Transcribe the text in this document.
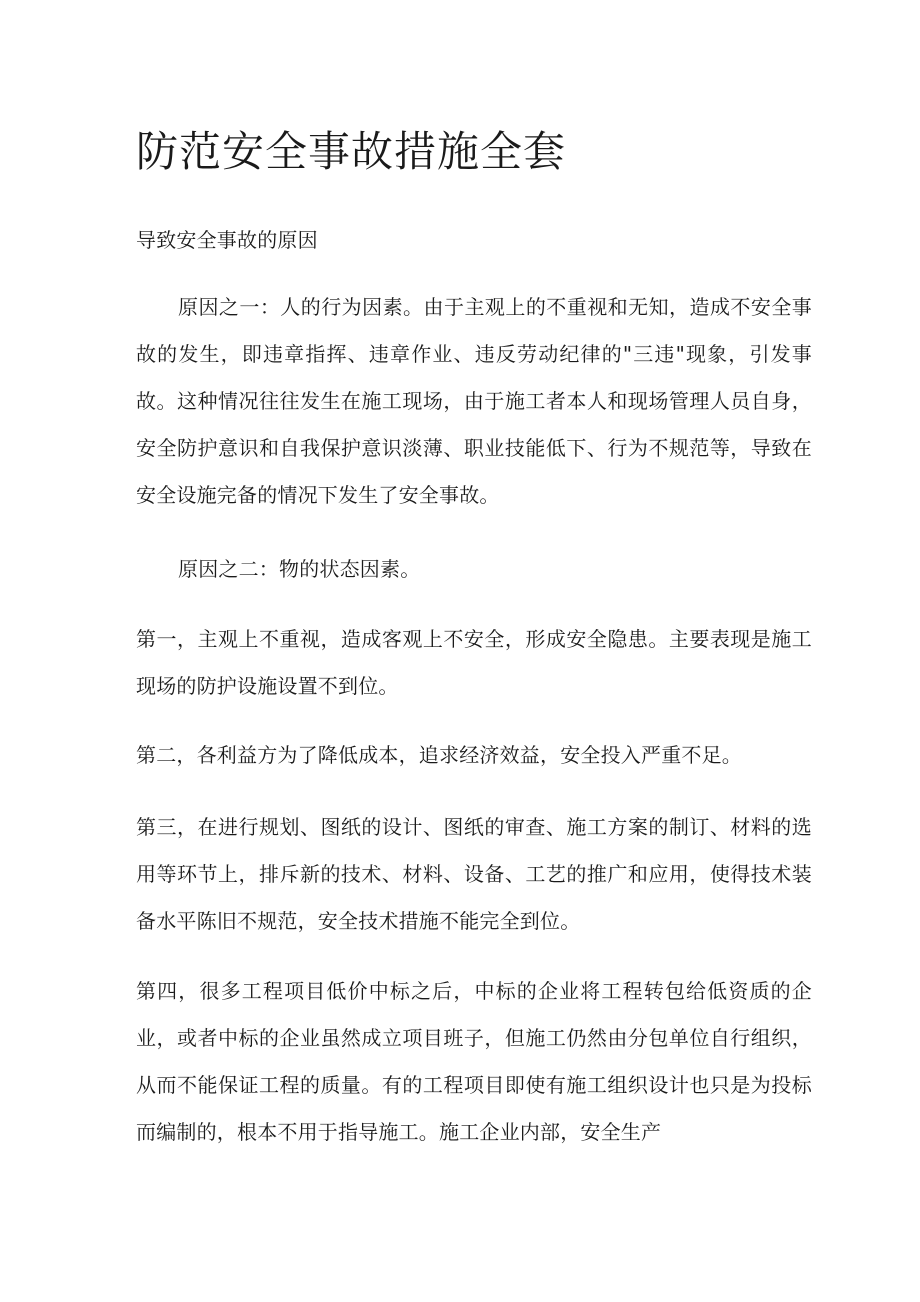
防范安全事故措施全套

导致安全事故的原因

原因之一：人的行为因素。由于主观上的不重视和无知，造成不安全事故的发生，即违章指挥、违章作业、违反劳动纪律的"三违"现象，引发事故。这种情况往往发生在施工现场，由于施工者本人和现场管理人员自身，安全防护意识和自我保护意识淡薄、职业技能低下、行为不规范等，导致在安全设施完备的情况下发生了安全事故。

原因之二：物的状态因素。

第一，主观上不重视，造成客观上不安全，形成安全隐患。主要表现是施工现场的防护设施设置不到位。

第二，各利益方为了降低成本，追求经济效益，安全投入严重不足。

第三，在进行规划、图纸的设计、图纸的审查、施工方案的制订、材料的选用等环节上，排斥新的技术、材料、设备、工艺的推广和应用，使得技术装备水平陈旧不规范，安全技术措施不能完全到位。

第四，很多工程项目低价中标之后，中标的企业将工程转包给低资质的企业，或者中标的企业虽然成立项目班子，但施工仍然由分包单位自行组织，从而不能保证工程的质量。有的工程项目即使有施工组织设计也只是为投标而编制的，根本不用于指导施工。施工企业内部，安全生产
